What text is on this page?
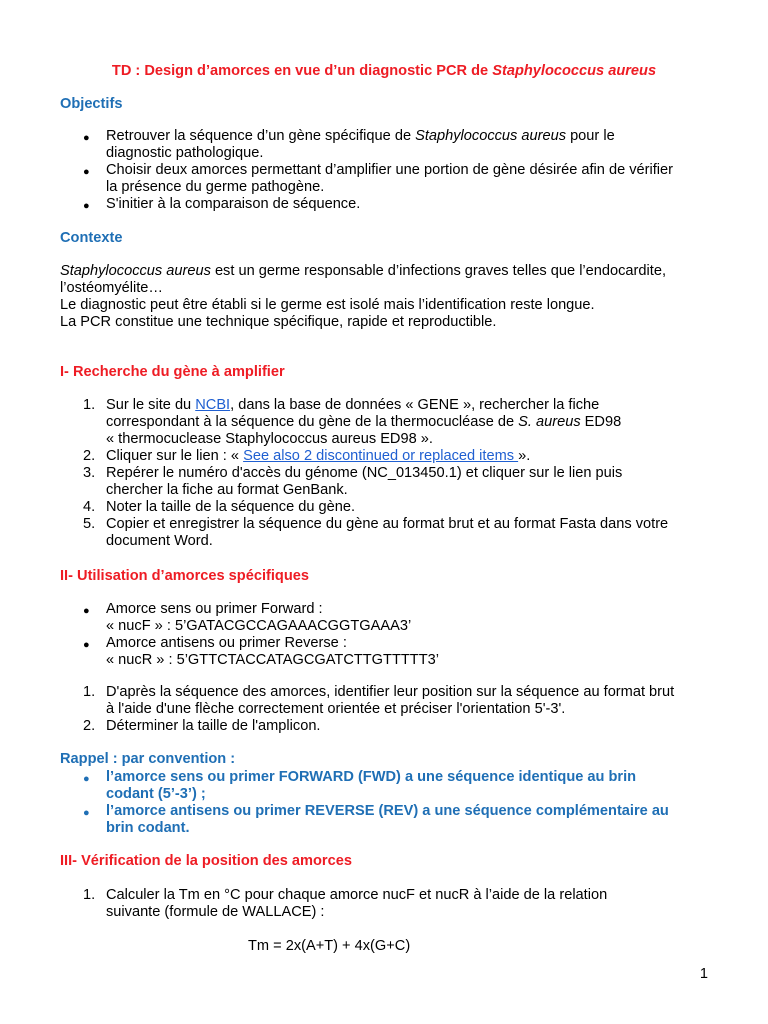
TD : Design d’amorces en vue d’un diagnostic PCR de Staphylococcus aureus

Objectifs

● Retrouver la séquence d’un gène spécifique de Staphylococcus aureus pour le
diagnostic pathologique.

● Choisir deux amorces permettant d’amplifier une portion de gène désirée afin de vérifier
la présence du germe pathogène.

● S'initier à la comparaison de séquence.

Contexte

Staphylococcus aureus est un germe responsable d’infections graves telles que l’endocardite,
l’ostéomyélite…
Le diagnostic peut être établi si le germe est isolé mais l’identification reste longue.
La PCR constitue une technique spécifique, rapide et reproductible.

I- Recherche du gène à amplifier

1. Sur le site du NCBI, dans la base de données « GENE », rechercher la fiche
correspondant à la séquence du gène de la thermocucléase de S. aureus ED98
« thermocuclease Staphylococcus aureus ED98 ».

2. Cliquer sur le lien : « See also 2 discontinued or replaced items ».

3. Repérer le numéro d'accès du génome (NC_013450.1) et cliquer sur le lien puis
chercher la fiche au format GenBank.

4. Noter la taille de la séquence du gène.

5. Copier et enregistrer la séquence du gène au format brut et au format Fasta dans votre
document Word.

II- Utilisation d’amorces spécifiques

● Amorce sens ou primer Forward :
« nucF » : 5’GATACGCCAGAAACGGTGAAA3’

● Amorce antisens ou primer Reverse :
« nucR » : 5’GTTCTACCATAGCGATCTTGTTTTT3’

1. D'après la séquence des amorces, identifier leur position sur la séquence au format brut
à l'aide d'une flèche correctement orientée et préciser l'orientation 5'-3'.

2. Déterminer la taille de l'amplicon.

Rappel : par convention :

● l’amorce sens ou primer FORWARD (FWD) a une séquence identique au brin
codant (5’-3’) ;

● l’amorce antisens ou primer REVERSE (REV) a une séquence complémentaire au
brin codant.

III- Vérification de la position des amorces

1. Calculer la Tm en °C pour chaque amorce nucF et nucR à l’aide de la relation
suivante (formule de WALLACE) :

Tm = 2x(A+T) + 4x(G+C)

1
